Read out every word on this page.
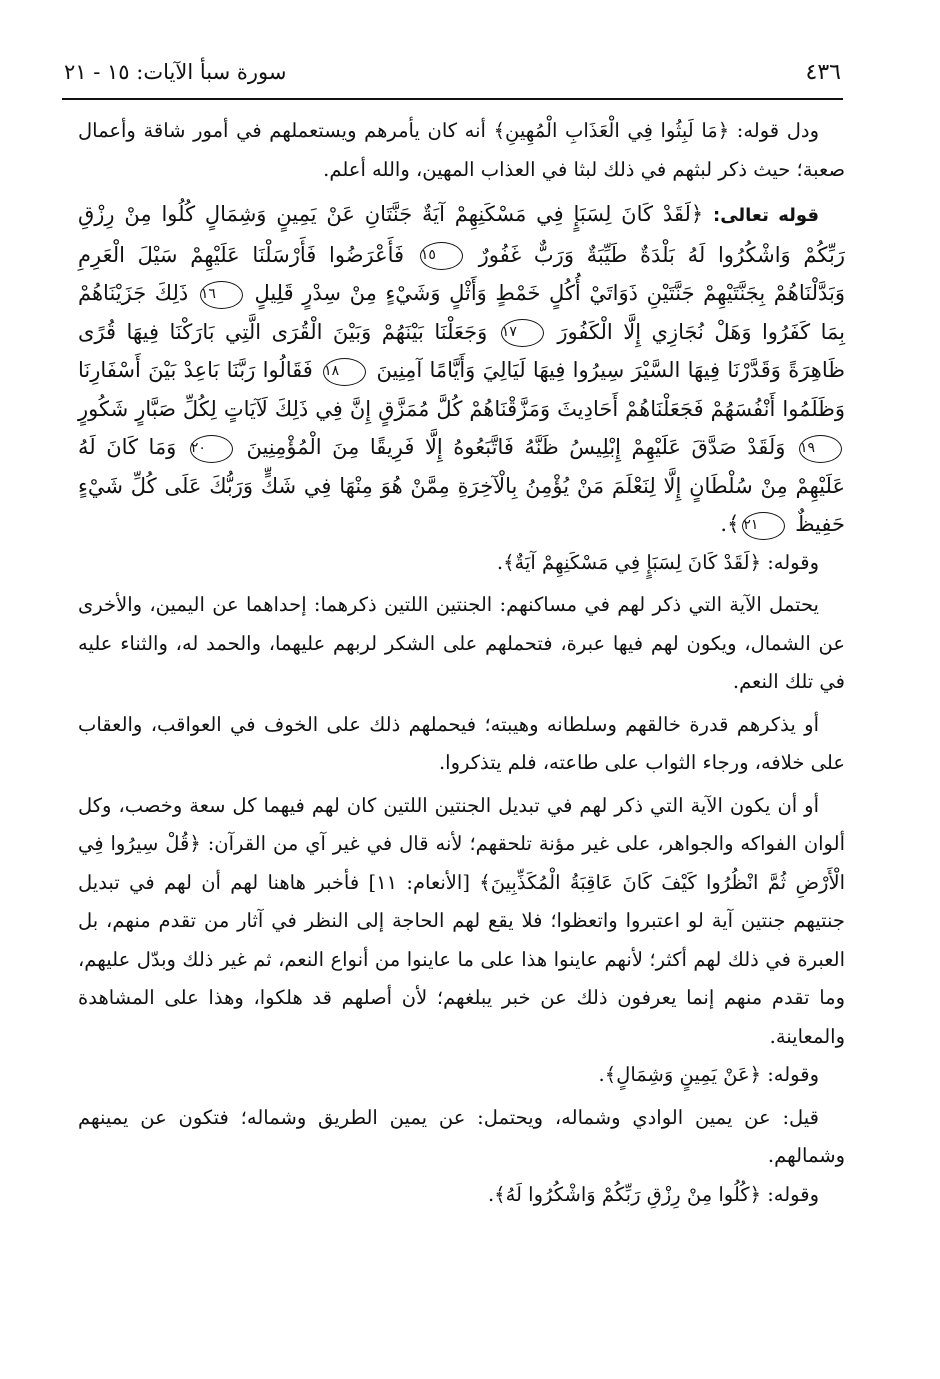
٤٣٦
سورة سبأ الآيات: ١٥ - ٢١

ودل قوله: ﴿مَا لَبِثُوا فِي الْعَذَابِ الْمُهِينِ﴾ أنه كان يأمرهم ويستعملهم في أمور شاقة وأعمال صعبة؛ حيث ذكر لبثهم في ذلك لبثا في العذاب المهين، والله أعلم.

قوله تعالى: ﴿لَقَدْ كَانَ لِسَبَإٍ فِي مَسْكَنِهِمْ آيَةٌ جَنَّتَانِ عَنْ يَمِينٍ وَشِمَالٍ كُلُوا مِنْ رِزْقِ رَبِّكُمْ وَاشْكُرُوا لَهُ بَلْدَةٌ طَيِّبَةٌ وَرَبٌّ غَفُورٌ ١٥ فَأَعْرَضُوا فَأَرْسَلْنَا عَلَيْهِمْ سَيْلَ الْعَرِمِ وَبَدَّلْنَاهُمْ بِجَنَّتَيْهِمْ جَنَّتَيْنِ ذَوَاتَيْ أُكُلٍ خَمْطٍ وَأَثْلٍ وَشَيْءٍ مِنْ سِدْرٍ قَلِيلٍ ١٦ ذَلِكَ جَزَيْنَاهُمْ بِمَا كَفَرُوا وَهَلْ نُجَازِي إِلَّا الْكَفُورَ ١٧ وَجَعَلْنَا بَيْنَهُمْ وَبَيْنَ الْقُرَى الَّتِي بَارَكْنَا فِيهَا قُرًى ظَاهِرَةً وَقَدَّرْنَا فِيهَا السَّيْرَ سِيرُوا فِيهَا لَيَالِيَ وَأَيَّامًا آمِنِينَ ١٨ فَقَالُوا رَبَّنَا بَاعِدْ بَيْنَ أَسْفَارِنَا وَظَلَمُوا أَنْفُسَهُمْ فَجَعَلْنَاهُمْ أَحَادِيثَ وَمَزَّقْنَاهُمْ كُلَّ مُمَزَّقٍ إِنَّ فِي ذَلِكَ لَآيَاتٍ لِكُلِّ صَبَّارٍ شَكُورٍ ١٩ وَلَقَدْ صَدَّقَ عَلَيْهِمْ إِبْلِيسُ ظَنَّهُ فَاتَّبَعُوهُ إِلَّا فَرِيقًا مِنَ الْمُؤْمِنِينَ ٢٠ وَمَا كَانَ لَهُ عَلَيْهِمْ مِنْ سُلْطَانٍ إِلَّا لِنَعْلَمَ مَنْ يُؤْمِنُ بِالْآخِرَةِ مِمَّنْ هُوَ مِنْهَا فِي شَكٍّ وَرَبُّكَ عَلَى كُلِّ شَيْءٍ حَفِيظٌ ٢١﴾.

وقوله: ﴿لَقَدْ كَانَ لِسَبَإٍ فِي مَسْكَنِهِمْ آيَةٌ﴾.

يحتمل الآية التي ذكر لهم في مساكنهم: الجنتين اللتين ذكرهما: إحداهما عن اليمين، والأخرى عن الشمال، ويكون لهم فيها عبرة، فتحملهم على الشكر لربهم عليهما، والحمد له، والثناء عليه في تلك النعم.

أو يذكرهم قدرة خالقهم وسلطانه وهيبته؛ فيحملهم ذلك على الخوف في العواقب، والعقاب على خلافه، ورجاء الثواب على طاعته، فلم يتذكروا.

أو أن يكون الآية التي ذكر لهم في تبديل الجنتين اللتين كان لهم فيهما كل سعة وخصب، وكل ألوان الفواكه والجواهر، على غير مؤنة تلحقهم؛ لأنه قال في غير آي من القرآن: ﴿قُلْ سِيرُوا فِي الْأَرْضِ ثُمَّ انْظُرُوا كَيْفَ كَانَ عَاقِبَةُ الْمُكَذِّبِينَ﴾ [الأنعام: ١١] فأخبر هاهنا لهم أن لهم في تبديل جنتيهم جنتين آية لو اعتبروا واتعظوا؛ فلا يقع لهم الحاجة إلى النظر في آثار من تقدم منهم، بل العبرة في ذلك لهم أكثر؛ لأنهم عاينوا هذا على ما عاينوا من أنواع النعم، ثم غير ذلك وبدّل عليهم، وما تقدم منهم إنما يعرفون ذلك عن خبر يبلغهم؛ لأن أصلهم قد هلكوا، وهذا على المشاهدة والمعاينة.

وقوله: ﴿عَنْ يَمِينٍ وَشِمَالٍ﴾.

قيل: عن يمين الوادي وشماله، ويحتمل: عن يمين الطريق وشماله؛ فتكون عن يمينهم وشمالهم.

وقوله: ﴿كُلُوا مِنْ رِزْقِ رَبِّكُمْ وَاشْكُرُوا لَهُ﴾.
